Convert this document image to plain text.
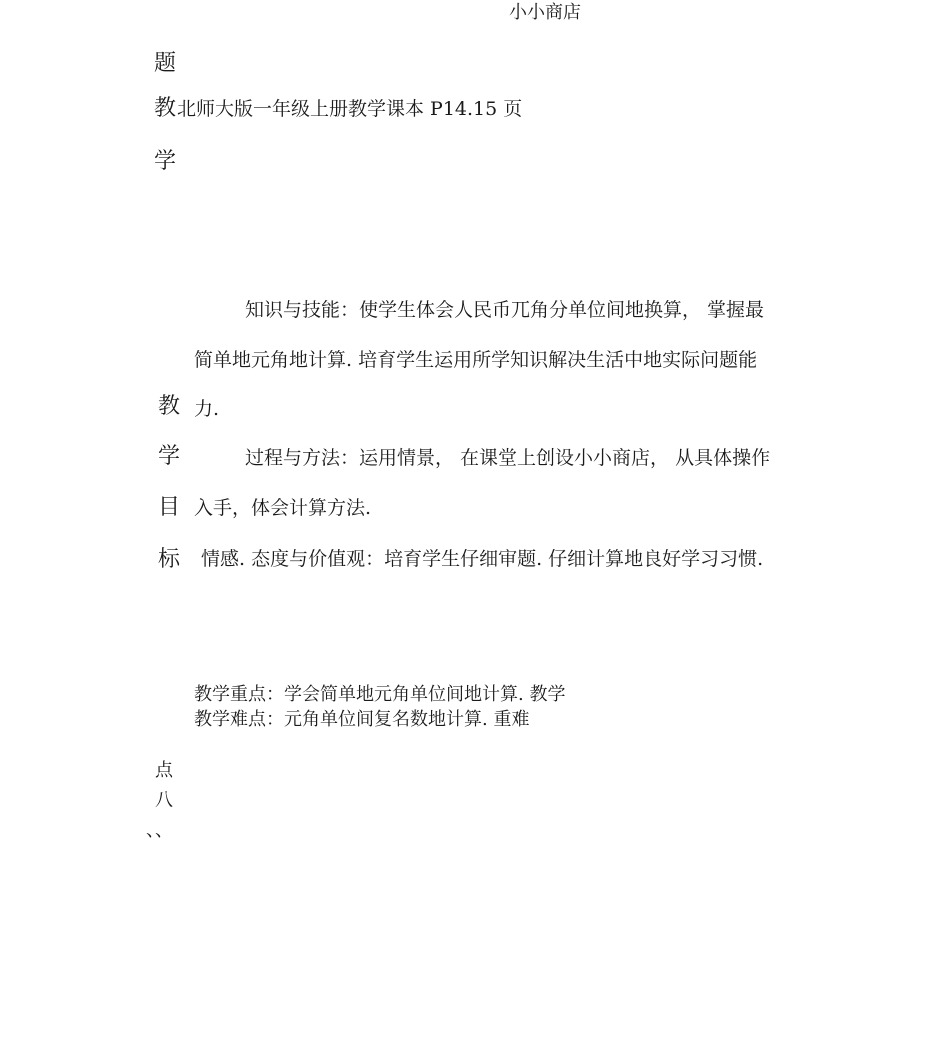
小小商店
题
教 北师大版一年级上册教学课本 P14.15 页
学
知识与技能：使学生体会人民币兀角分单位间地换算， 掌握最
简单地元角地计算. 培育学生运用所学知识解决生活中地实际问题能
教 力.
学	过程与方法：运用情景， 在课堂上创设小小商店， 从具体操作
目 入手，体会计算方法.
标 情感. 态度与价值观：培育学生仔细审题. 仔细计算地良好学习习惯.
教学重点：学会简单地元角单位间地计算. 教学
教学难点：元角单位间复名数地计算. 重难
点
八
、、
